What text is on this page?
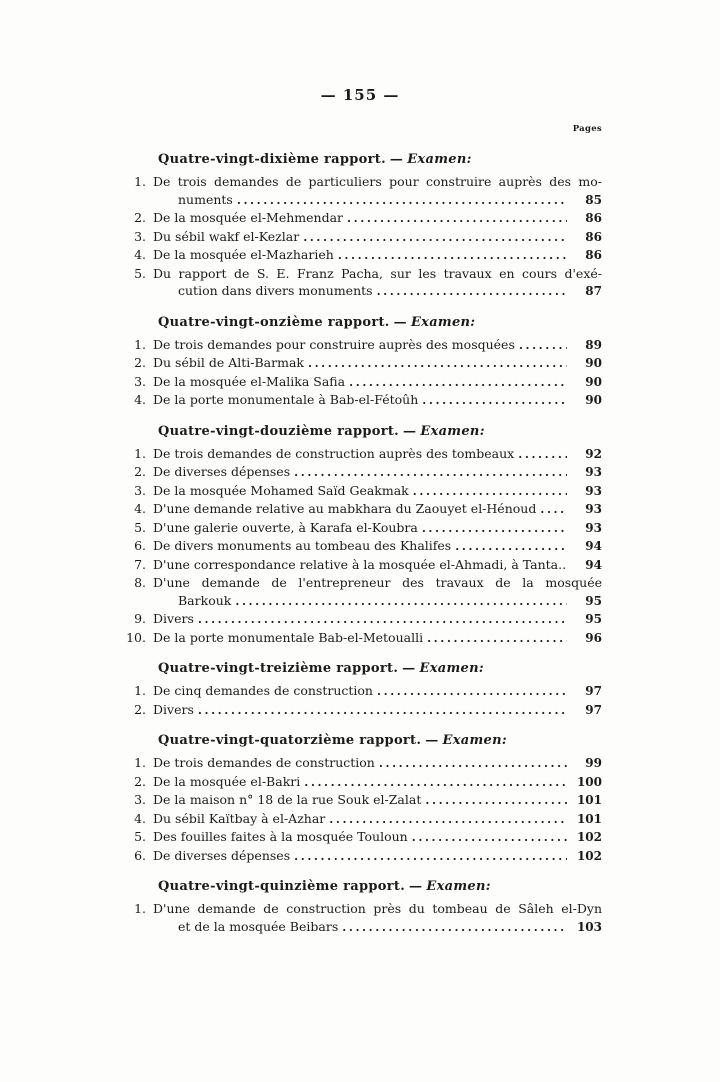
— 155 —
Pages
Quatre-vingt-dixième rapport. — Examen:
1. De trois demandes de particuliers pour construire auprès des mo-
numents .....	85
2. De la mosquée el-Mehmendar .....	86
3. Du sébil wakf el-Kezlar .....	86
4. De la mosquée el-Mazharieh .....	86
5. Du rapport de S. E. Franz Pacha, sur les travaux en cours d'exé-
cution dans divers monuments .....	87
Quatre-vingt-onzième rapport. — Examen:
1. De trois demandes pour construire auprès des mosquées .....	89
2. Du sébil de Alti-Barmak .....	90
3. De la mosquée el-Malika Safia .....	90
4. De la porte monumentale à Bab-el-Fétoûh .....	90
Quatre-vingt-douzième rapport. — Examen:
1. De trois demandes de construction auprès des tombeaux .....	92
2. De diverses dépenses .....	93
3. De la mosquée Mohamed Saïd Geakmak .....	93
4. D'une demande relative au mabkhara du Zaouyet el-Hénoud .....	93
5. D'une galerie ouverte, à Karafa el-Koubra .....	93
6. De divers monuments au tombeau des Khalifes .....	94
7. D'une correspondance relative à la mosquée el-Ahmadi, à Tanta..	94
8. D'une demande de l'entrepreneur des travaux de la mosquée
Barkouk .....	95
9. Divers .....	95
10. De la porte monumentale Bab-el-Metoualli .....	96
Quatre-vingt-treizième rapport. — Examen:
1. De cinq demandes de construction .....	97
2. Divers .....	97
Quatre-vingt-quatorzième rapport. — Examen:
1. De trois demandes de construction .....	99
2. De la mosquée el-Bakri .....	100
3. De la maison n° 18 de la rue Souk el-Zalat .....	101
4. Du sébil Kaïtbay à el-Azhar .....	101
5. Des fouilles faites à la mosquée Touloun .....	102
6. De diverses dépenses .....	102
Quatre-vingt-quinzième rapport. — Examen:
1. D'une demande de construction près du tombeau de Sâleh el-Dyn
et de la mosquée Beibars .....	103
